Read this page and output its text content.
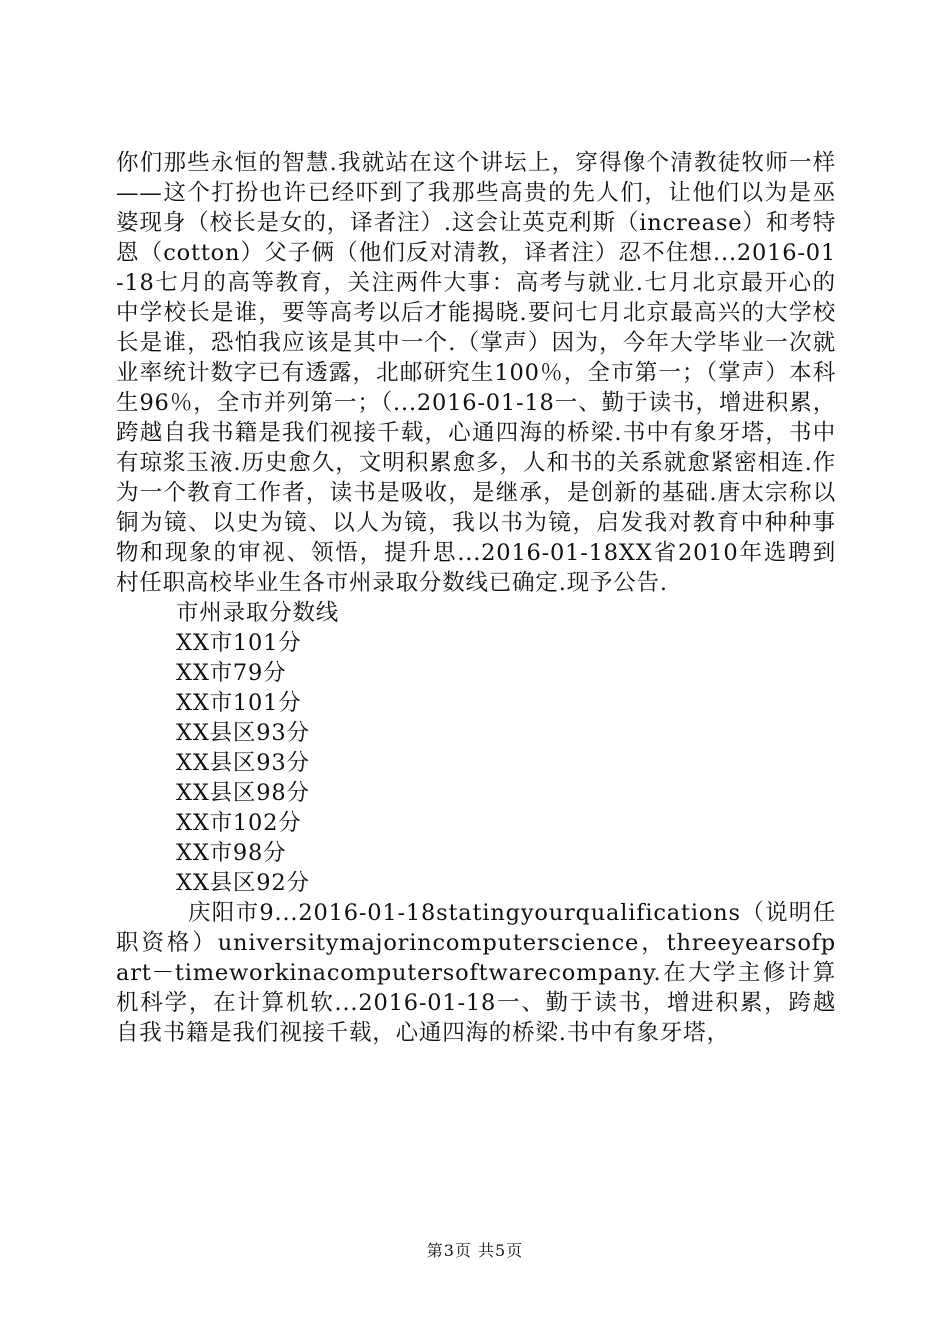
你们那些永恒的智慧.我就站在这个讲坛上，穿得像个清教徒牧师一样——这个打扮也许已经吓到了我那些高贵的先人们，让他们以为是巫婆现身（校长是女的，译者注）.这会让英克利斯（increase）和考特恩（cotton）父子俩（他们反对清教，译者注）忍不住想...2016-01-18七月的高等教育，关注两件大事：高考与就业.七月北京最开心的中学校长是谁，要等高考以后才能揭晓.要问七月北京最高兴的大学校长是谁，恐怕我应该是其中一个.（掌声）因为，今年大学毕业一次就业率统计数字已有透露，北邮研究生100％，全市第一；（掌声）本科生96％，全市并列第一；（...2016-01-18一、勤于读书，增进积累，跨越自我书籍是我们视接千载，心通四海的桥梁.书中有象牙塔，书中有琼浆玉液.历史愈久，文明积累愈多，人和书的关系就愈紧密相连.作为一个教育工作者，读书是吸收，是继承，是创新的基础.唐太宗称以铜为镜、以史为镜、以人为镜，我以书为镜，启发我对教育中种种事物和现象的审视、领悟，提升思...2016-01-18XX省2010年选聘到村任职高校毕业生各市州录取分数线已确定.现予公告.

市州录取分数线

XX市101分

XX市79分

XX市101分

XX县区93分

XX县区93分

XX县区98分

XX市102分

XX市98分

XX县区92分

庆阳市9...2016-01-18statingyourqualifications（说明任职资格）universitymajorincomputerscience，threeyearsofpart－timeworkinacomputersoftwarecompany.在大学主修计算机科学，在计算机软...2016-01-18一、勤于读书，增进积累，跨越自我书籍是我们视接千载，心通四海的桥梁.书中有象牙塔，

第3页 共5页
